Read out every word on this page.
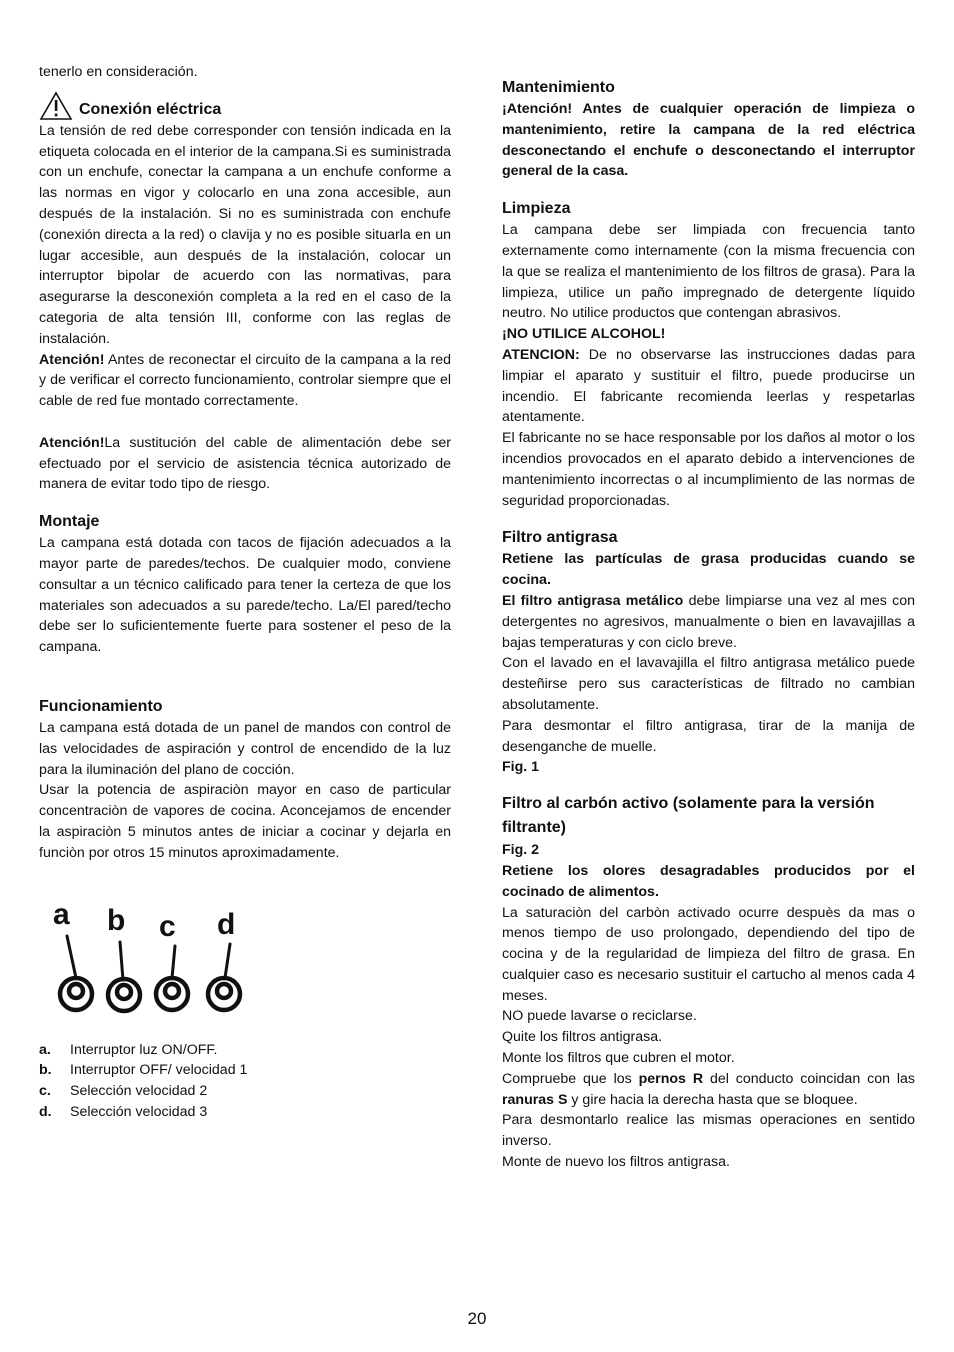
tenerlo en consideración.

Conexión eléctrica

La tensión de red debe corresponder con tensión indicada en la etiqueta colocada en el interior de la campana.Si es suministrada con un enchufe, conectar la campana a un enchufe conforme a las normas en vigor y colocarlo en una zona accesible, aun después de la instalación. Si no es suministrada con enchufe (conexión directa a la red) o clavija y no es posible situarla en un lugar accesible, aun después de la instalación, colocar un interruptor bipolar de acuerdo con las normativas, para asegurarse la desconexión completa a la red en el caso de la categoria de alta tensión III, conforme con las reglas de instalación.

Atención! Antes de reconectar el circuito de la campana a la red y de verificar el correcto funcionamiento, controlar siempre que el cable de red fue montado correctamente.

Atención!La sustitución del cable de alimentación debe ser efectuado por el servicio de asistencia técnica autorizado de manera de evitar todo tipo de riesgo.

Montaje

La campana está dotada con tacos de fijación adecuados a la mayor parte de paredes/techos. De cualquier modo, conviene consultar a un técnico calificado para tener la certeza de que los materiales son adecuados a su parede/techo. La/El pared/techo debe ser lo suficientemente fuerte para sostener el peso de la campana.

Funcionamiento

La campana está dotada de un panel de mandos con control de las velocidades de aspiración y control de encendido de la luz para la iluminación del plano de cocción.

Usar la potencia de aspiraciòn mayor en caso de particular concentraciòn de vapores de cocina. Aconcejamos de encender la aspiraciòn 5 minutos antes de iniciar a cocinar y dejarla en funciòn por otros 15 minutos aproximadamente.

a b c d
a.	Interruptor luz ON/OFF.
b.	Interruptor OFF/ velocidad 1
c.	Selección velocidad 2
d.	Selección velocidad 3
Mantenimiento

¡Atención! Antes de cualquier operación de limpieza o mantenimiento, retire la campana de la red eléctrica desconectando el enchufe o desconectando el interruptor general de la casa.

Limpieza

La campana debe ser limpiada con frecuencia tanto externamente como internamente (con la misma frecuencia con la que se realiza el mantenimiento de los filtros de grasa). Para la limpieza, utilice un paño impregnado de detergente líquido neutro. No utilice productos que contengan abrasivos.

¡NO UTILICE ALCOHOL!

ATENCION: De no observarse las instrucciones dadas para limpiar el aparato y sustituir el filtro, puede producirse un incendio. El fabricante recomienda leerlas y respetarlas atentamente.

El fabricante no se hace responsable por los daños al motor o los incendios provocados en el aparato debido a intervenciones de mantenimiento incorrectas o al incumplimiento de las normas de seguridad proporcionadas.

Filtro antigrasa

Retiene las partículas de grasa producidas cuando se cocina.

El filtro antigrasa metálico debe limpiarse una vez al mes con detergentes no agresivos, manualmente o bien en lavavajillas a bajas temperaturas y con ciclo breve.

Con el lavado en el lavavajilla el filtro antigrasa metálico puede desteñirse pero sus características de filtrado no cambian absolutamente.

Para desmontar el filtro antigrasa, tirar de la manija de desenganche de muelle.

Fig. 1

Filtro al carbón activo (solamente para la versión filtrante)

Fig. 2

Retiene los olores desagradables producidos por el cocinado de alimentos.

La saturaciòn del carbòn activado ocurre despuès da mas o menos tiempo de uso prolongado, dependiendo del tipo de cocina y de la regularidad de limpieza del filtro de grasa. En cualquier caso es necesario sustituir el cartucho al menos cada 4 meses.

NO puede lavarse o reciclarse.

Quite los filtros antigrasa.

Monte los filtros que cubren el motor.

Compruebe que los pernos R del conducto coincidan con las ranuras S y gire hacia la derecha hasta que se bloquee.

Para desmontarlo realice las mismas operaciones en sentido inverso.

Monte de nuevo los filtros antigrasa.

20
